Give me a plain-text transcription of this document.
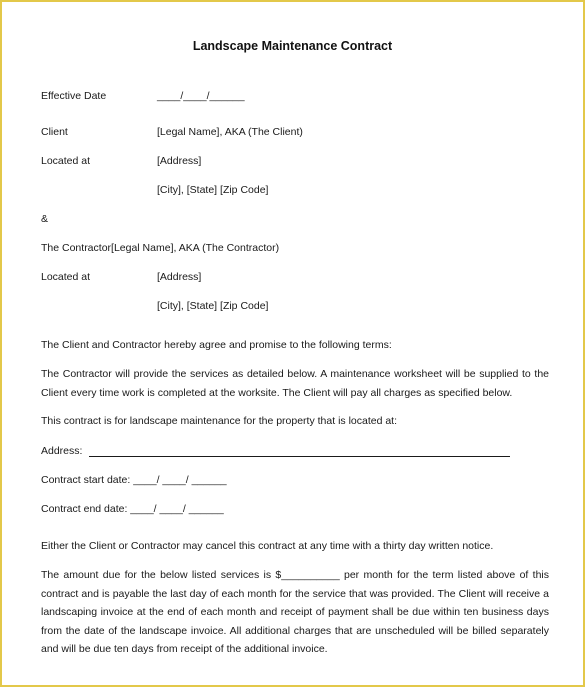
Landscape Maintenance Contract
Effective Date	____/____/______
Client	[Legal Name], AKA (The Client)
Located at	[Address]
[City], [State] [Zip Code]
&
The Contractor[Legal Name], AKA (The Contractor)
Located at	[Address]
[City], [State] [Zip Code]
The Client and Contractor hereby agree and promise to the following terms:
The Contractor will provide the services as detailed below. A maintenance worksheet will be supplied to the Client every time work is completed at the worksite. The Client will pay all charges as specified below.
This contract is for landscape maintenance for the property that is located at:
Address:
Contract start date: ____/ ____/ ______
Contract end date: ____/ ____/ ______
Either the Client or Contractor may cancel this contract at any time with a thirty day written notice.
The amount due for the below listed services is $__________ per month for the term listed above of this contract and is payable the last day of each month for the service that was provided. The Client will receive a landscaping invoice at the end of each month and receipt of payment shall be due within ten business days from the date of the landscape invoice. All additional charges that are unscheduled will be billed separately and will be due ten days from receipt of the additional invoice.
